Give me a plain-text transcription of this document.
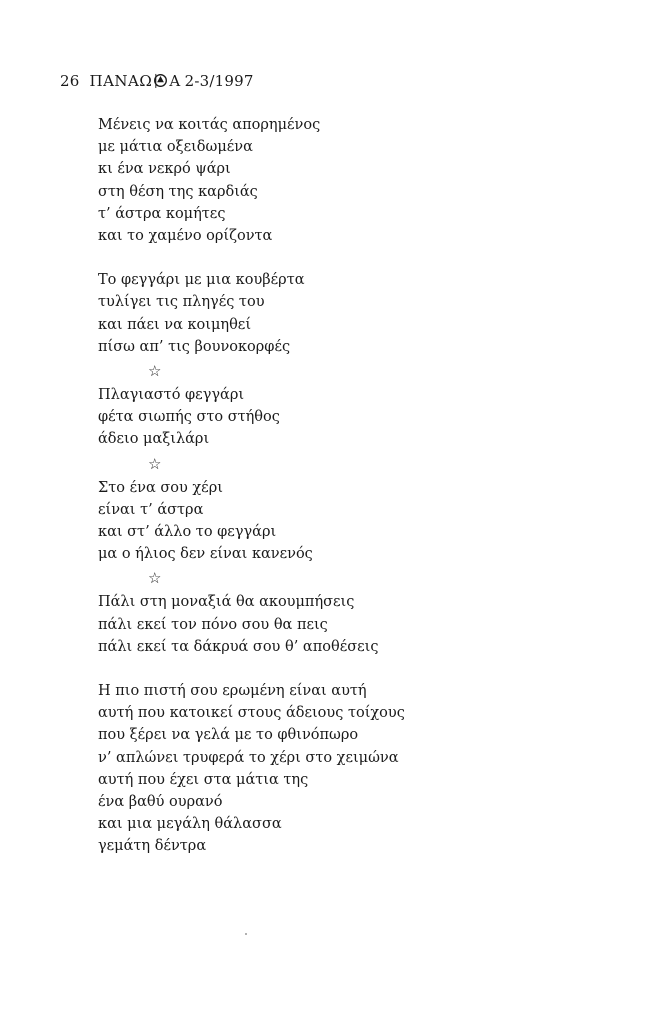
26 ΠΑΝΑΩ Α 2-3/1997
Μένεις να κοιτάς απορημένος
με μάτια οξειδωμένα
κι ένα νεκρό ψάρι
στη θέση της καρδιάς
τ’ άστρα κομήτες
και το χαμένο ορίζοντα
Το φεγγάρι με μια κουβέρτα
τυλίγει τις πληγές του
και πάει να κοιμηθεί
πίσω απ’ τις βουνοκορφές
☆
Πλαγιαστό φεγγάρι
φέτα σιωπής στο στήθος
άδειο μαξιλάρι
☆
Στο ένα σου χέρι
είναι τ’ άστρα
και στ’ άλλο το φεγγάρι
μα ο ήλιος δεν είναι κανενός
☆
Πάλι στη μοναξιά θα ακουμπήσεις
πάλι εκεί τον πόνο σου θα πεις
πάλι εκεί τα δάκρυά σου θ’ αποθέσεις
Η πιο πιστή σου ερωμένη είναι αυτή
αυτή που κατοικεί στους άδειους τοίχους
που ξέρει να γελά με το φθινόπωρο
ν’ απλώνει τρυφερά το χέρι στο χειμώνα
αυτή που έχει στα μάτια της
ένα βαθύ ουρανό
και μια μεγάλη θάλασσα
γεμάτη δέντρα
